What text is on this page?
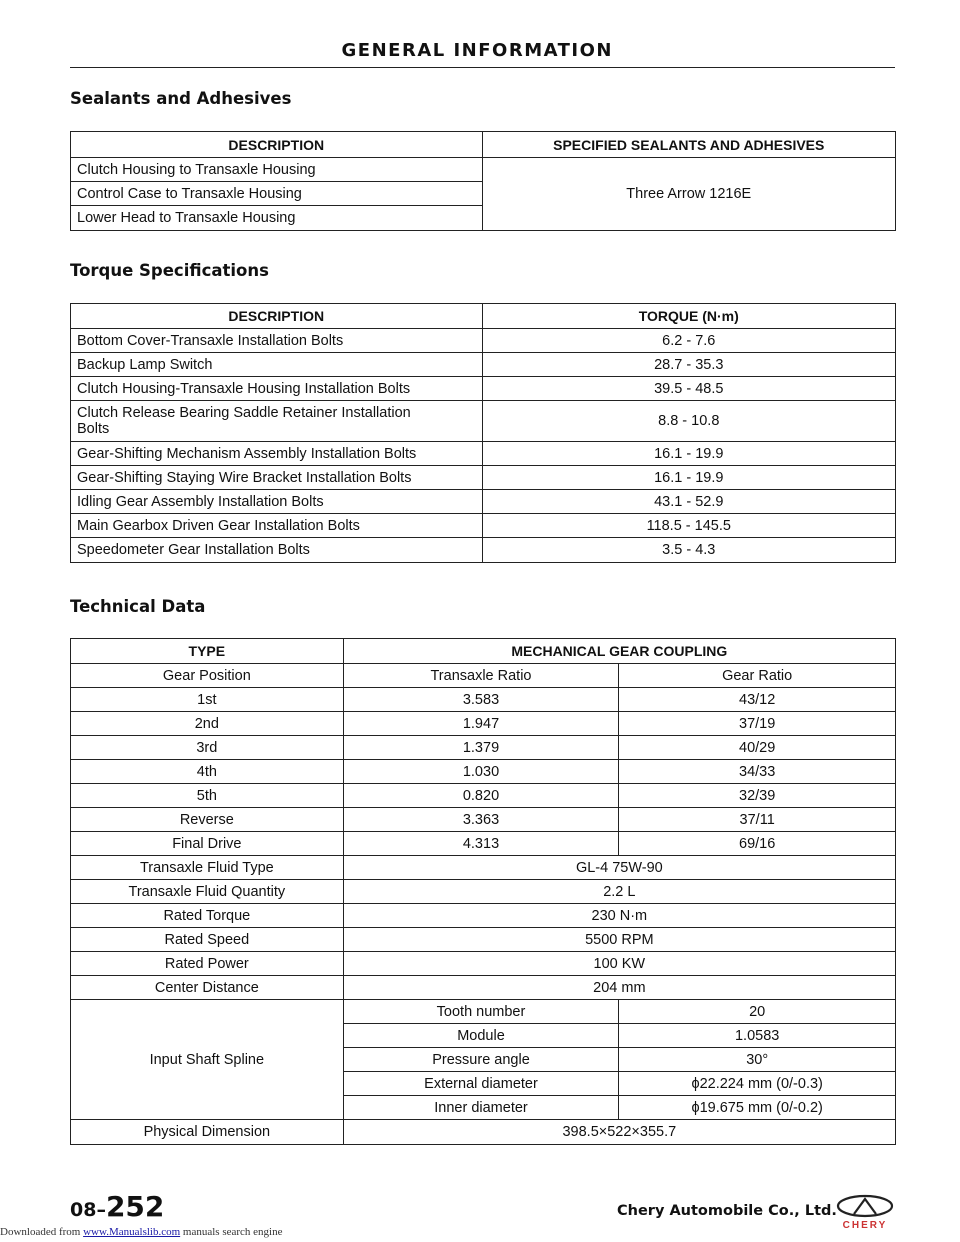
GENERAL INFORMATION
Sealants and Adhesives
DESCRIPTION	SPECIFIED SEALANTS AND ADHESIVES
Clutch Housing to Transaxle Housing	Three Arrow 1216E
Control Case to Transaxle Housing	
Lower Head to Transaxle Housing	
Torque Specifications
DESCRIPTION	TORQUE (N·m)
Bottom Cover-Transaxle Installation Bolts	6.2 - 7.6
Backup Lamp Switch	28.7 - 35.3
Clutch Housing-Transaxle Housing Installation Bolts	39.5 - 48.5
Clutch Release Bearing Saddle Retainer Installation
Bolts	8.8 - 10.8
Gear-Shifting Mechanism Assembly Installation Bolts	16.1 - 19.9
Gear-Shifting Staying Wire Bracket Installation Bolts	16.1 - 19.9
Idling Gear Assembly Installation Bolts	43.1 - 52.9
Main Gearbox Driven Gear Installation Bolts	118.5 - 145.5
Speedometer Gear Installation Bolts	3.5 - 4.3
Technical Data
TYPE	MECHANICAL GEAR COUPLING	
Gear Position	Transaxle Ratio	Gear Ratio
1st	3.583	43/12
2nd	1.947	37/19
3rd	1.379	40/29
4th	1.030	34/33
5th	0.820	32/39
Reverse	3.363	37/11
Final Drive	4.313	69/16
Transaxle Fluid Type	GL-4 75W-90	
Transaxle Fluid Quantity	2.2 L	
Rated Torque	230 N·m	
Rated Speed	5500 RPM	
Rated Power	100 KW	
Center Distance	204 mm	
Input Shaft Spline	Tooth number	20
	Module	1.0583
	Pressure angle	30°
	External diameter	ϕ22.224 mm (0/-0.3)
	Inner diameter	ϕ19.675 mm (0/-0.2)
Physical Dimension	398.5×522×355.7	
08–252	Chery Automobile Co., Ltd.
CHERY
Downloaded from www.Manualslib.com manuals search engine
